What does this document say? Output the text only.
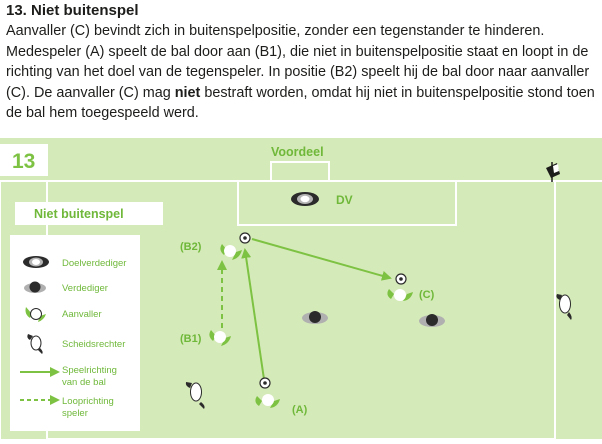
13. Niet buitenspel
Aanvaller (C) bevindt zich in buitenspelpositie, zonder een tegenstander te hinderen. Medespeler (A) speelt de bal door aan (B1), die niet in buitenspelpositie staat en loopt in de richting van het doel van de tegenspeler. In positie (B2) speelt hij de bal door naar aanvaller (C). De aanvaller (C) mag niet bestraft worden, omdat hij niet in buitenspelpositie stond toen de bal hem toegespeeld werd.
13	Voordeel
Niet buitenspel
Doelverdediger
Verdediger
Aanvaller
Scheidsrechter
Speelrichting van de bal
Looprichting speler
DV
(B2)
(B1)
(C)
(A)
